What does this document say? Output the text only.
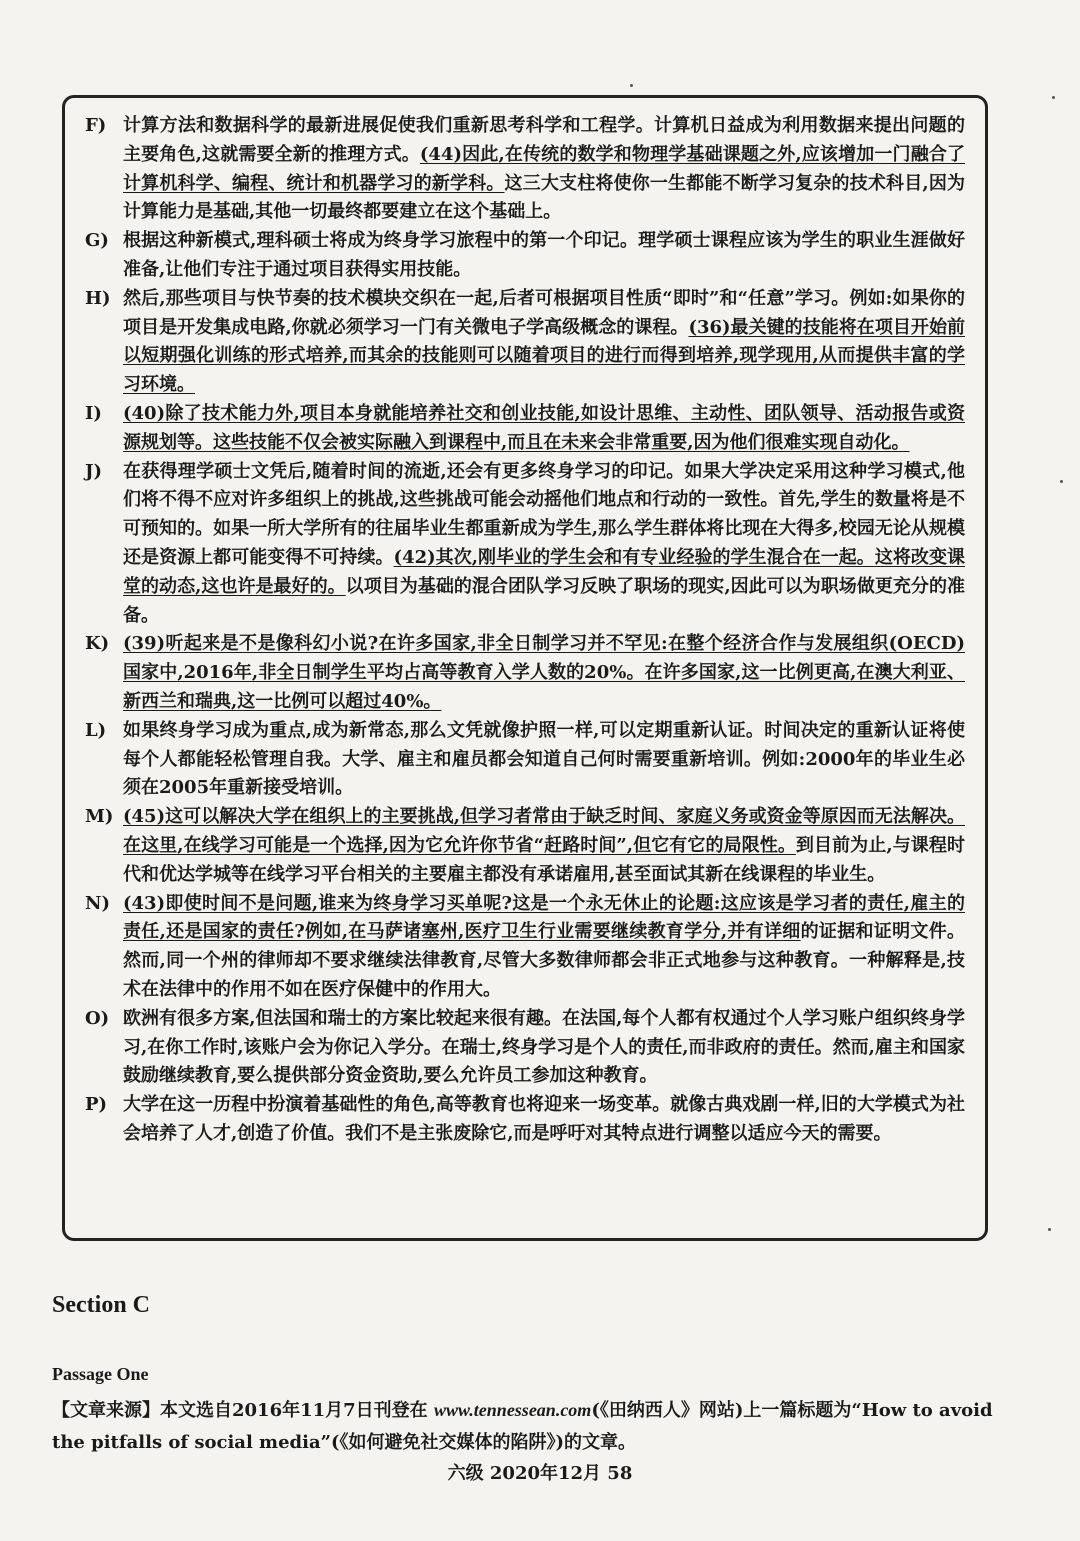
F) 计算方法和数据科学的最新进展促使我们重新思考科学和工程学。计算机日益成为利用数据来提出问题的主要角色,这就需要全新的推理方式。(44)因此,在传统的数学和物理学基础课题之外,应该增加一门融合了计算机科学、编程、统计和机器学习的新学科。这三大支柱将使你一生都能不断学习复杂的技术科目,因为计算能力是基础,其他一切最终都要建立在这个基础上。
G) 根据这种新模式,理科硕士将成为终身学习旅程中的第一个印记。理学硕士课程应该为学生的职业生涯做好准备,让他们专注于通过项目获得实用技能。
H) 然后,那些项目与快节奏的技术模块交织在一起,后者可根据项目性质“即时”和“任意”学习。例如:如果你的项目是开发集成电路,你就必须学习一门有关微电子学高级概念的课程。(36)最关键的技能将在项目开始前以短期强化训练的形式培养,而其余的技能则可以随着项目的进行而得到培养,现学现用,从而提供丰富的学习环境。
I)	(40)除了技术能力外,项目本身就能培养社交和创业技能,如设计思维、主动性、团队领导、活动报告或资源规划等。这些技能不仅会被实际融入到课程中,而且在未来会非常重要,因为他们很难实现自动化。
J)	在获得理学硕士文凭后,随着时间的流逝,还会有更多终身学习的印记。如果大学决定采用这种学习模式,他们将不得不应对许多组织上的挑战,这些挑战可能会动摇他们地点和行动的一致性。首先,学生的数量将是不可预知的。如果一所大学所有的往届毕业生都重新成为学生,那么学生群体将比现在大得多,校园无论从规模还是资源上都可能变得不可持续。(42)其次,刚毕业的学生会和有专业经验的学生混合在一起。这将改变课堂的动态,这也许是最好的。以项目为基础的混合团队学习反映了职场的现实,因此可以为职场做更充分的准备。
K) (39)听起来是不是像科幻小说?在许多国家,非全日制学习并不罕见:在整个经济合作与发展组织(OECD)国家中,2016年,非全日制学生平均占高等教育入学人数的20%。在许多国家,这一比例更高,在澳大利亚、新西兰和瑞典,这一比例可以超过40%。
L) 如果终身学习成为重点,成为新常态,那么文凭就像护照一样,可以定期重新认证。时间决定的重新认证将使每个人都能轻松管理自我。大学、雇主和雇员都会知道自己何时需要重新培训。例如:2000年的毕业生必须在2005年重新接受培训。
M) (45)这可以解决大学在组织上的主要挑战,但学习者常由于缺乏时间、家庭义务或资金等原因而无法解决。在这里,在线学习可能是一个选择,因为它允许你节省“赶路时间”,但它有它的局限性。到目前为止,与课程时代和优达学城等在线学习平台相关的主要雇主都没有承诺雇用,甚至面试其新在线课程的毕业生。
N) (43)即使时间不是问题,谁来为终身学习买单呢?这是一个永无休止的论题:这应该是学习者的责任,雇主的责任,还是国家的责任?例如,在马萨诸塞州,医疗卫生行业需要继续教育学分,并有详细的证据和证明文件。然而,同一个州的律师却不要求继续法律教育,尽管大多数律师都会非正式地参与这种教育。一种解释是,技术在法律中的作用不如在医疗保健中的作用大。
O) 欧洲有很多方案,但法国和瑞士的方案比较起来很有趣。在法国,每个人都有权通过个人学习账户组织终身学习,在你工作时,该账户会为你记入学分。在瑞士,终身学习是个人的责任,而非政府的责任。然而,雇主和国家鼓励继续教育,要么提供部分资金资助,要么允许员工参加这种教育。
P) 大学在这一历程中扮演着基础性的角色,高等教育也将迎来一场变革。就像古典戏剧一样,旧的大学模式为社会培养了人才,创造了价值。我们不是主张废除它,而是呼吁对其特点进行调整以适应今天的需要。
Section C
Passage One

【文章来源】本文选自2016年11月7日刊登在 www.tennessean.com(《田纳西人》网站)上一篇标题为“How to avoid the pitfalls of social media”(《如何避免社交媒体的陷阱》)的文章。

六级 2020年12月 58
